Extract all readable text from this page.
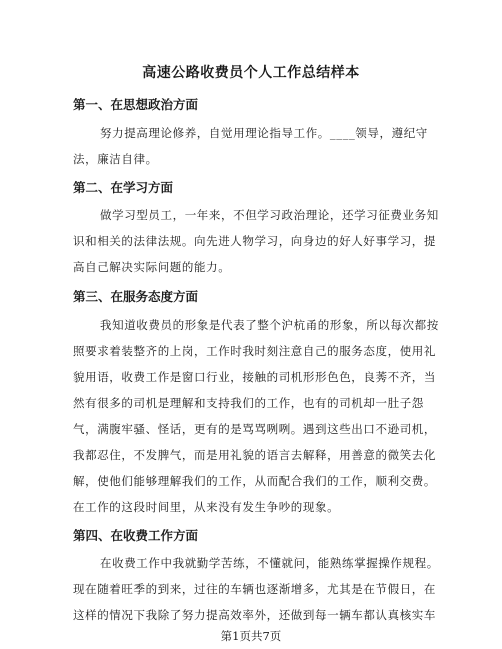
高速公路收费员个人工作总结样本
第一、在思想政治方面

努力提高理论修养，自觉用理论指导工作。____领导，遵纪守

法，廉洁自律。

第二、在学习方面

做学习型员工，一年来，不但学习政治理论，还学习征费业务知

识和相关的法律法规。向先进人物学习，向身边的好人好事学习，提

高自己解决实际问题的能力。

第三、在服务态度方面

我知道收费员的形象是代表了整个沪杭甬的形象，所以每次都按

照要求着装整齐的上岗，工作时我时刻注意自己的服务态度，使用礼

貌用语，收费工作是窗口行业，接触的司机形形色色，良莠不齐，当

然有很多的司机是理解和支持我们的工作，也有的司机却一肚子怨

气，满腹牢骚、怪话，更有的是骂骂咧咧。遇到这些出口不逊司机，

我都忍住，不发脾气，而是用礼貌的语言去解释，用善意的微笑去化

解，使他们能够理解我们的工作，从而配合我们的工作，顺利交费。

在工作的这段时间里，从来没有发生争吵的现象。

第四、在收费工作方面

在收费工作中我就勤学苦练，不懂就问，能熟练掌握操作规程。

现在随着旺季的到来，过往的车辆也逐渐增多，尤其是在节假日，在

这样的情况下我除了努力提高效率外，还做到每一辆车都认真核实车

第1页共7页
